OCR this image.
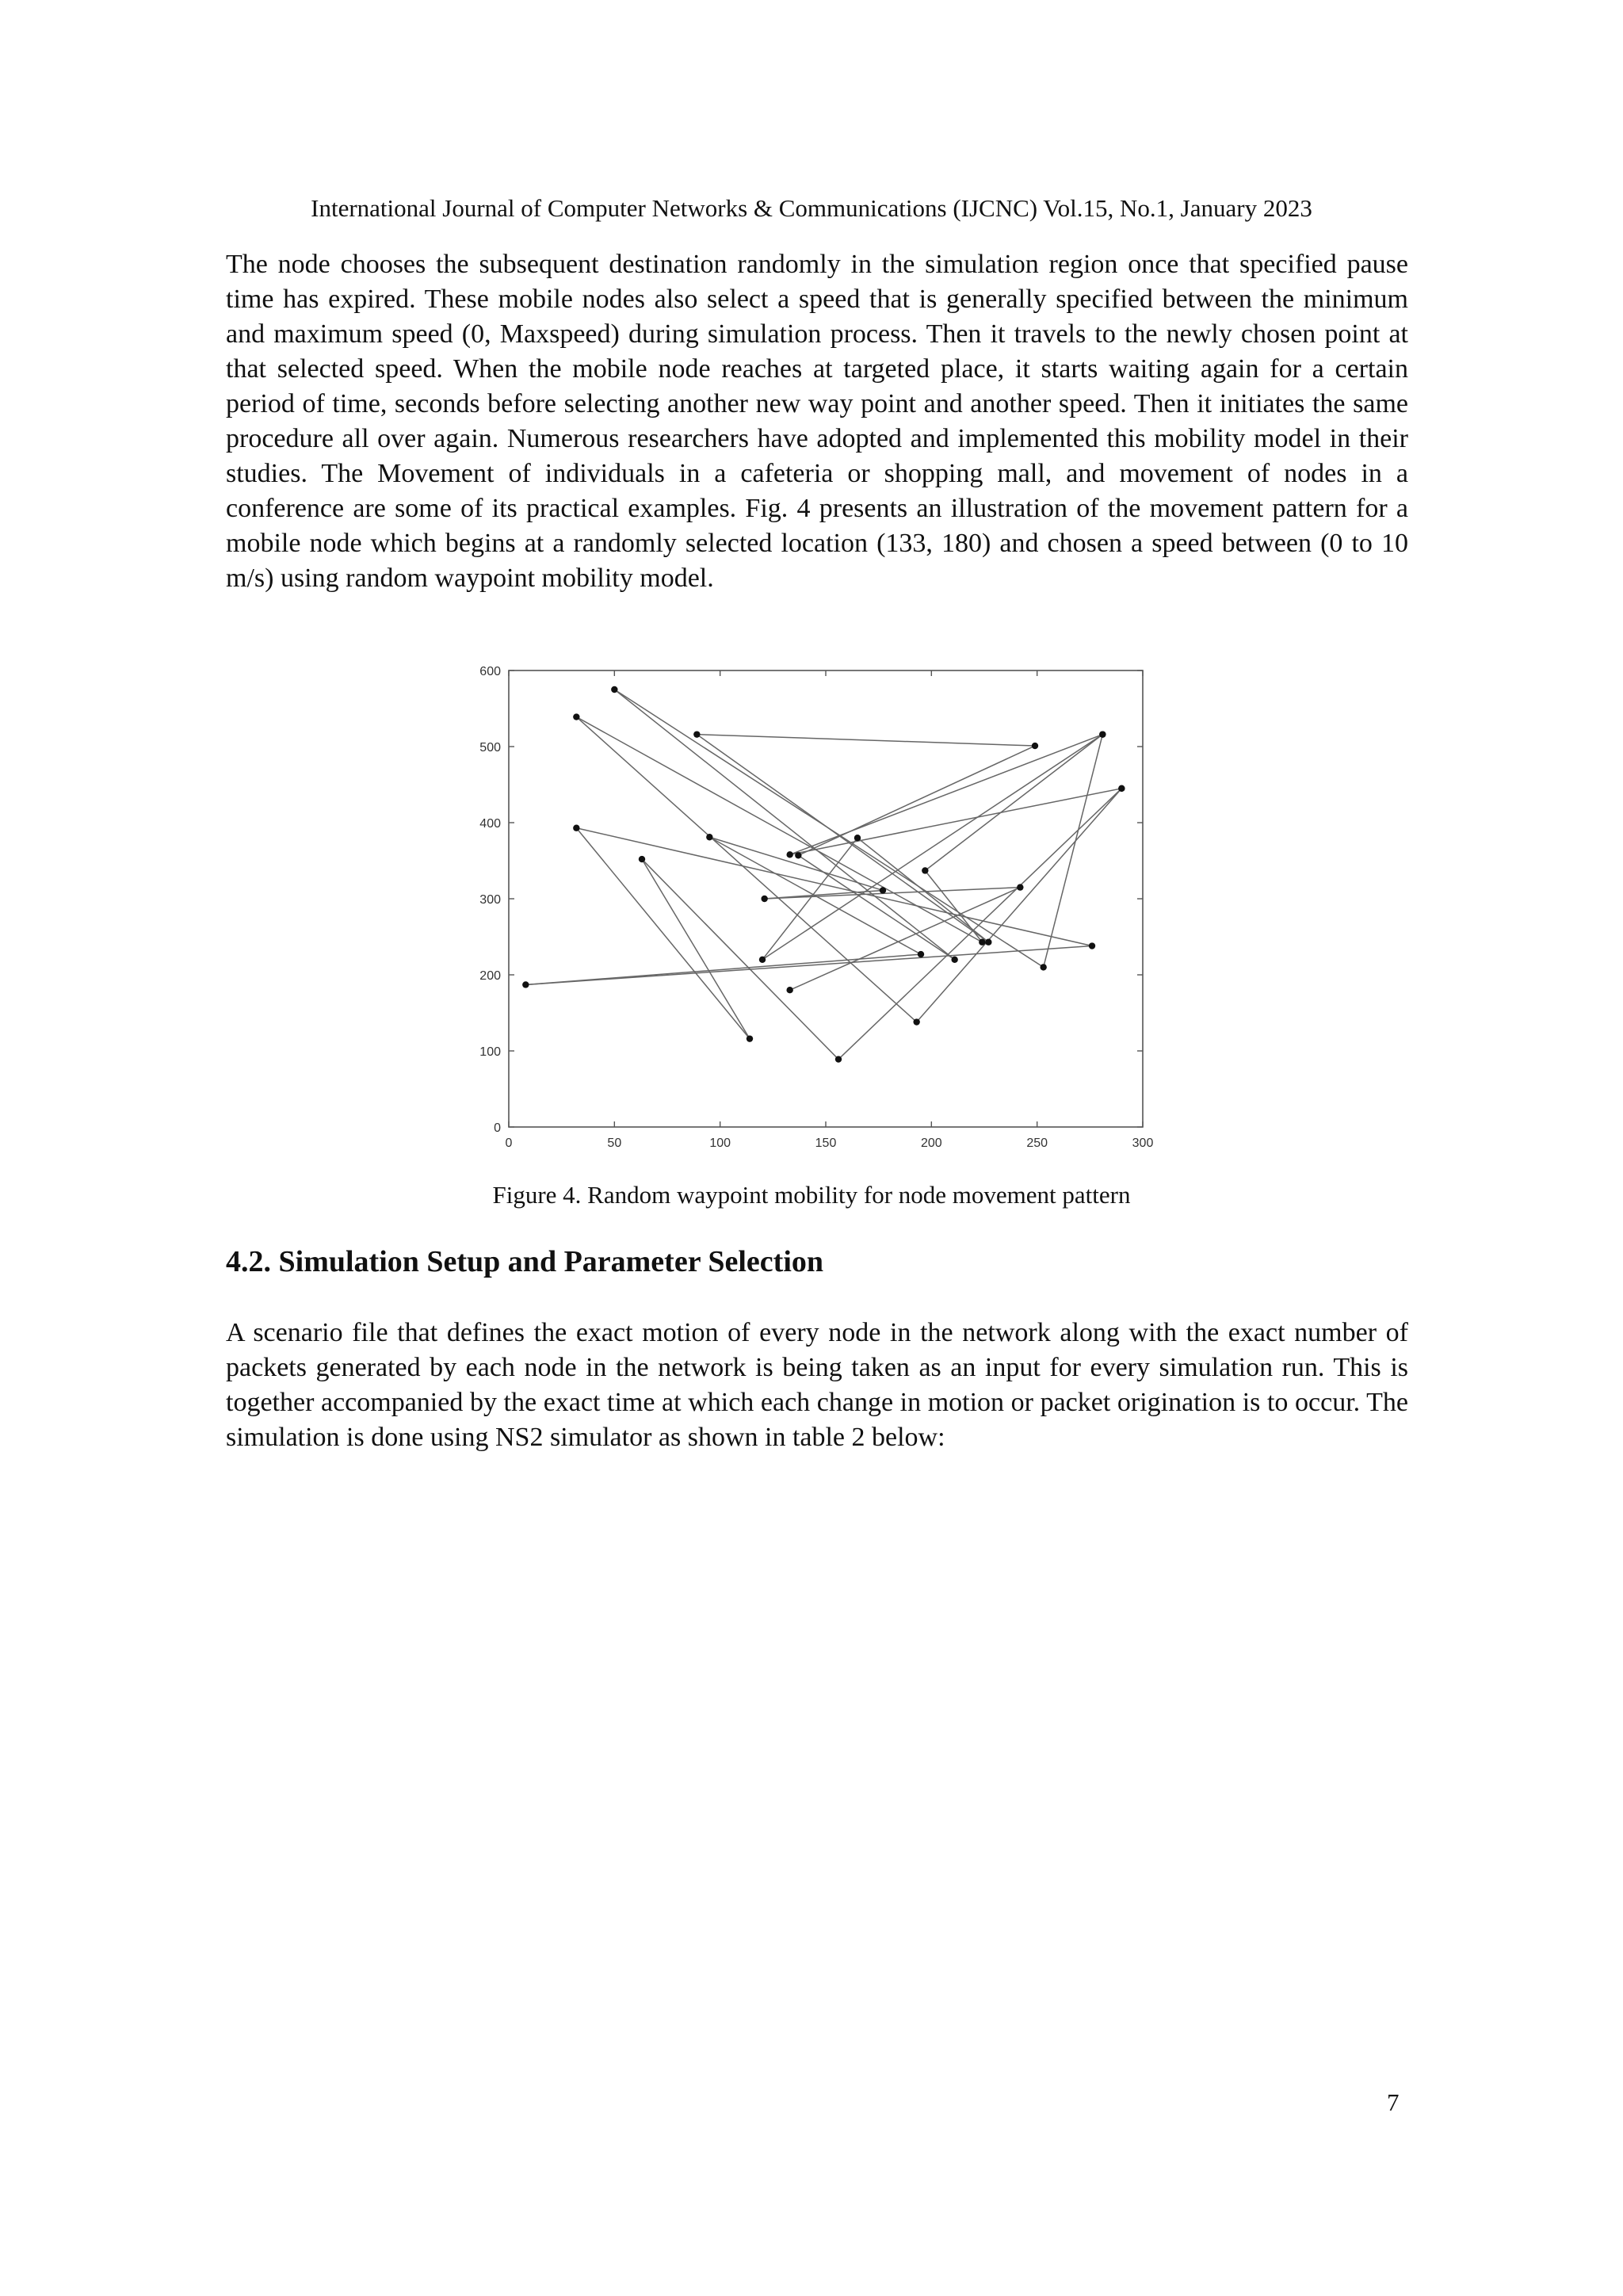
International Journal of Computer Networks & Communications (IJCNC) Vol.15, No.1, January 2023

The node chooses the subsequent destination randomly in the simulation region once that specified pause time has expired. These mobile nodes also select a speed that is generally specified between the minimum and maximum speed (0, Maxspeed) during simulation process. Then it travels to the newly chosen point at that selected speed. When the mobile node reaches at targeted place, it starts waiting again for a certain period of time, seconds before selecting another new way point and another speed. Then it initiates the same procedure all over again. Numerous researchers have adopted and implemented this mobility model in their studies. The Movement of individuals in a cafeteria or shopping mall, and movement of nodes in a conference are some of its practical examples. Fig. 4 presents an illustration of the movement pattern for a mobile node which begins at a randomly selected location (133, 180) and chosen a speed between (0 to 10 m/s) using random waypoint mobility model.

0	50	100	150	200	250	300
0
100
200
300
400
500
600
Figure 4. Random waypoint mobility for node movement pattern
4.2. Simulation Setup and Parameter Selection

A scenario file that defines the exact motion of every node in the network along with the exact number of packets generated by each node in the network is being taken as an input for every simulation run. This is together accompanied by the exact time at which each change in motion or packet origination is to occur. The simulation is done using NS2 simulator as shown in table 2 below:

7
